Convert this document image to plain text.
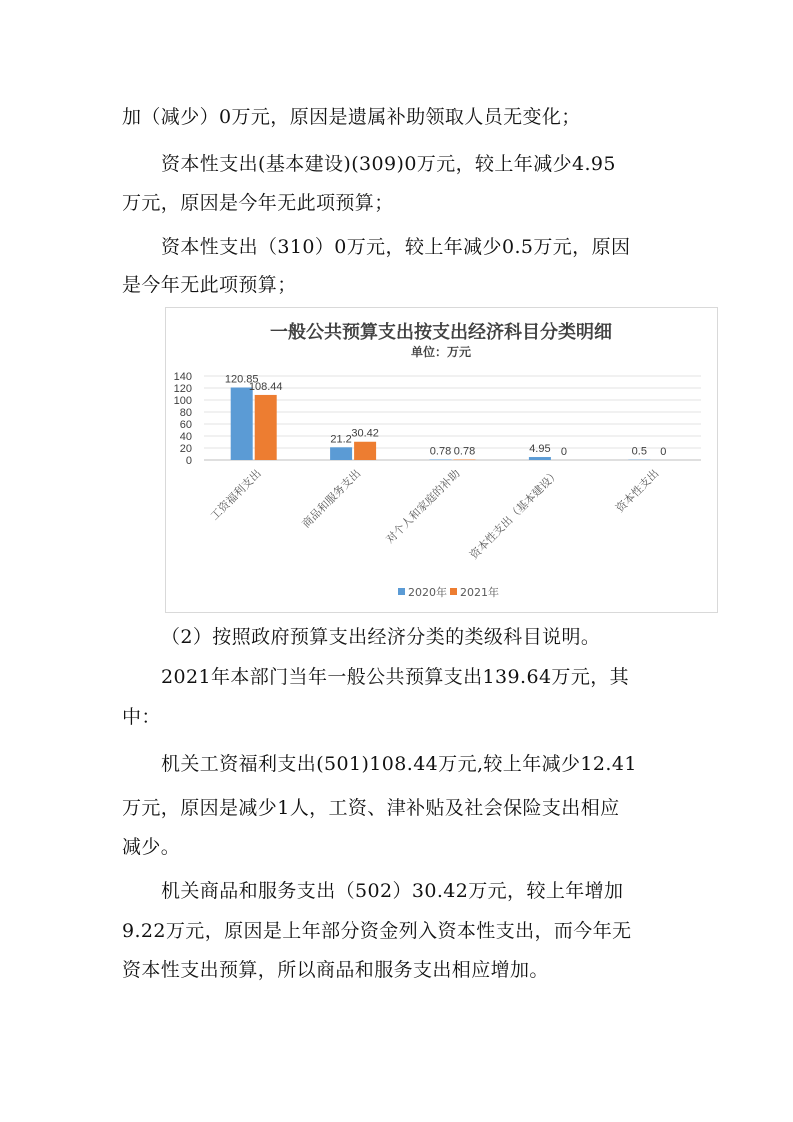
加（减少）0万元，原因是遗属补助领取人员无变化；
资本性支出(基本建设)(309)0万元，较上年减少4.95
万元，原因是今年无此项预算；
资本性支出（310）0万元，较上年减少0.5万元，原因
是今年无此项预算；
一般公共预算支出按支出经济科目分类明细
单位：万元
0
20
40
60
80
100
120
140	120.85
108.44
21.2 30.42
0.78 0.78	4.95 0	0.5 0
工资福利支出	商品和服务支出 对个人和家庭的补助 资本性支出（基本建设）	资本性支出
2020年 2021年
（2）按照政府预算支出经济分类的类级科目说明。
2021年本部门当年一般公共预算支出139.64万元，其
中：
机关工资福利支出(501)108.44万元,较上年减少12.41
万元，原因是减少1人，工资、津补贴及社会保险支出相应
减少。
机关商品和服务支出（502）30.42万元，较上年增加
9.22万元，原因是上年部分资金列入资本性支出，而今年无
资本性支出预算，所以商品和服务支出相应增加。
